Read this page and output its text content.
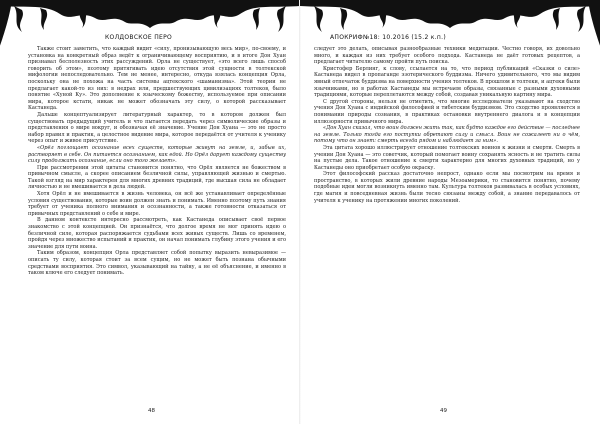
КОЛДОВСКОЕ ПЕРО

Также стоит заметить, что каждый видит «силу, пронизывающую весь мир», по-своему, и установка на конкретный образ ведёт к ограничивающему восприятию, и в итоге Дон Хуан признавал бесполезность этих рассуждений. Орла не существует, «это всего лишь способ говорить об этом», поэтому притягивать идею отсутствия этой сущности в толтекской мифологии непоследовательно. Тем не менее, интересно, откуда взялась концепция Орла, поскольку она не похожа на часть системы ацтекского «шаманизма». Этой теории не предлагает какой-то из них: в недрах или, предшествующих цивилизациях толтеков, было понятие «Хуной Ку». Это дополнение к языческому божеству, используемое при описании мира, которое кстати, никак не может обозначать эту силу, о которой рассказывает Кастанеда.

Дальше концептуализирует литературный характер, то в котором должен был существовать предыдущий учитель и что пытается передать через символические образы и представления о мире вокруг, и обозначая её значение. Учение Дон Хуана — это не просто набор правил и практик, а целостное видение мира, которое передаётся от учителя к ученику через опыт и живое присутствие.

«Орёл поглощает осознание всех существ, которые живут на земле, и, забыв их, растворяет в себе. Он питается осознанием, как едой. Но Орёл дарует каждому существу силу продолжать осознание, если оно того желает».

При рассмотрении этой цитаты становится понятно, что Орёл является не божеством в привычном смысле, а скорее описанием безличной силы, управляющей жизнью и смертью. Такой взгляд на мир характерен для многих древних традиций, где высшая сила не обладает личностью и не вмешивается в дела людей.

Хотя Орёл и не вмешивается в жизнь человека, он всё же устанавливает определённые условия существования, которые воин должен знать и понимать. Именно поэтому путь знания требует от ученика полного внимания и осознанности, а также готовности отказаться от привычных представлений о себе и мире.

В данном контексте интересно рассмотреть, как Кастанеда описывает своё первое знакомство с этой концепцией. Он признаётся, что долгое время не мог принять идею о безличной силе, которая распоряжается судьбами всех живых существ. Лишь со временем, пройдя через множество испытаний и практик, он начал понимать глубину этого учения и его значение для пути воина.

Таким образом, концепция Орла представляет собой попытку выразить невыразимое — описать ту силу, которая стоит за всем сущим, но не может быть познана обычными средствами восприятия. Это символ, указывающий на тайну, а не её объяснение, и именно в таком ключе его следует понимать.

48
АПОКРИФ№18: 10.2016 (15.2 к.п.)

следует это делать, описывая разнообразные техники медитации. Честно говоря, их довольно много, и каждая из них требует особого подхода. Кастанеда не даёт готовых рецептов, а предлагает читателю самому пройти путь поиска.

Кристофер Берлинг, к слову, ссылается на то, что период публикаций «Сказки о силе» Кастанеда видел в пропаганде эзотерического буддизма. Ничего удивительного, что мы видим явный отпечаток буддизма на поверхности учения толтеков. В прошлом и толтеки, и ацтеки были язычниками, но в работах Кастанеды мы встречаем образы, связанные с разными духовными традициями, которые переплетаются между собой, создавая уникальную картину мира.

С другой стороны, нельзя не отметить, что многие исследователи указывают на сходство учения Дон Хуана с индийской философией и тибетским буддизмом. Это сходство проявляется в понимании природы сознания, в практиках остановки внутреннего диалога и в концепции иллюзорности привычного мира.

«Дон Хуан сказал, что воин должен жить так, как будто каждое его действие — последнее на земле. Только тогда его поступки обретают силу и смысл. Воин не сожалеет ни о чём, потому что он знает: смерть всегда рядом и наблюдает за ним».

Эта цитата хорошо иллюстрирует отношение толтекских воинов к жизни и смерти. Смерть в учении Дон Хуана — это советчик, который помогает воину сохранять ясность и не тратить силы на пустые дела. Такое отношение к смерти характерно для многих духовных традиций, но у Кастанеды оно приобретает особую окраску.

Этот философский рассказ достаточно непрост, однако если мы посмотрим на время и пространство, в которых жили древние народы Мезоамерики, то становится понятно, почему подобные идеи могли возникнуть именно там. Культура толтеков развивалась в особых условиях, где магия и повседневная жизнь были тесно связаны между собой, а знание передавалось от учителя к ученику на протяжении многих поколений.

49
